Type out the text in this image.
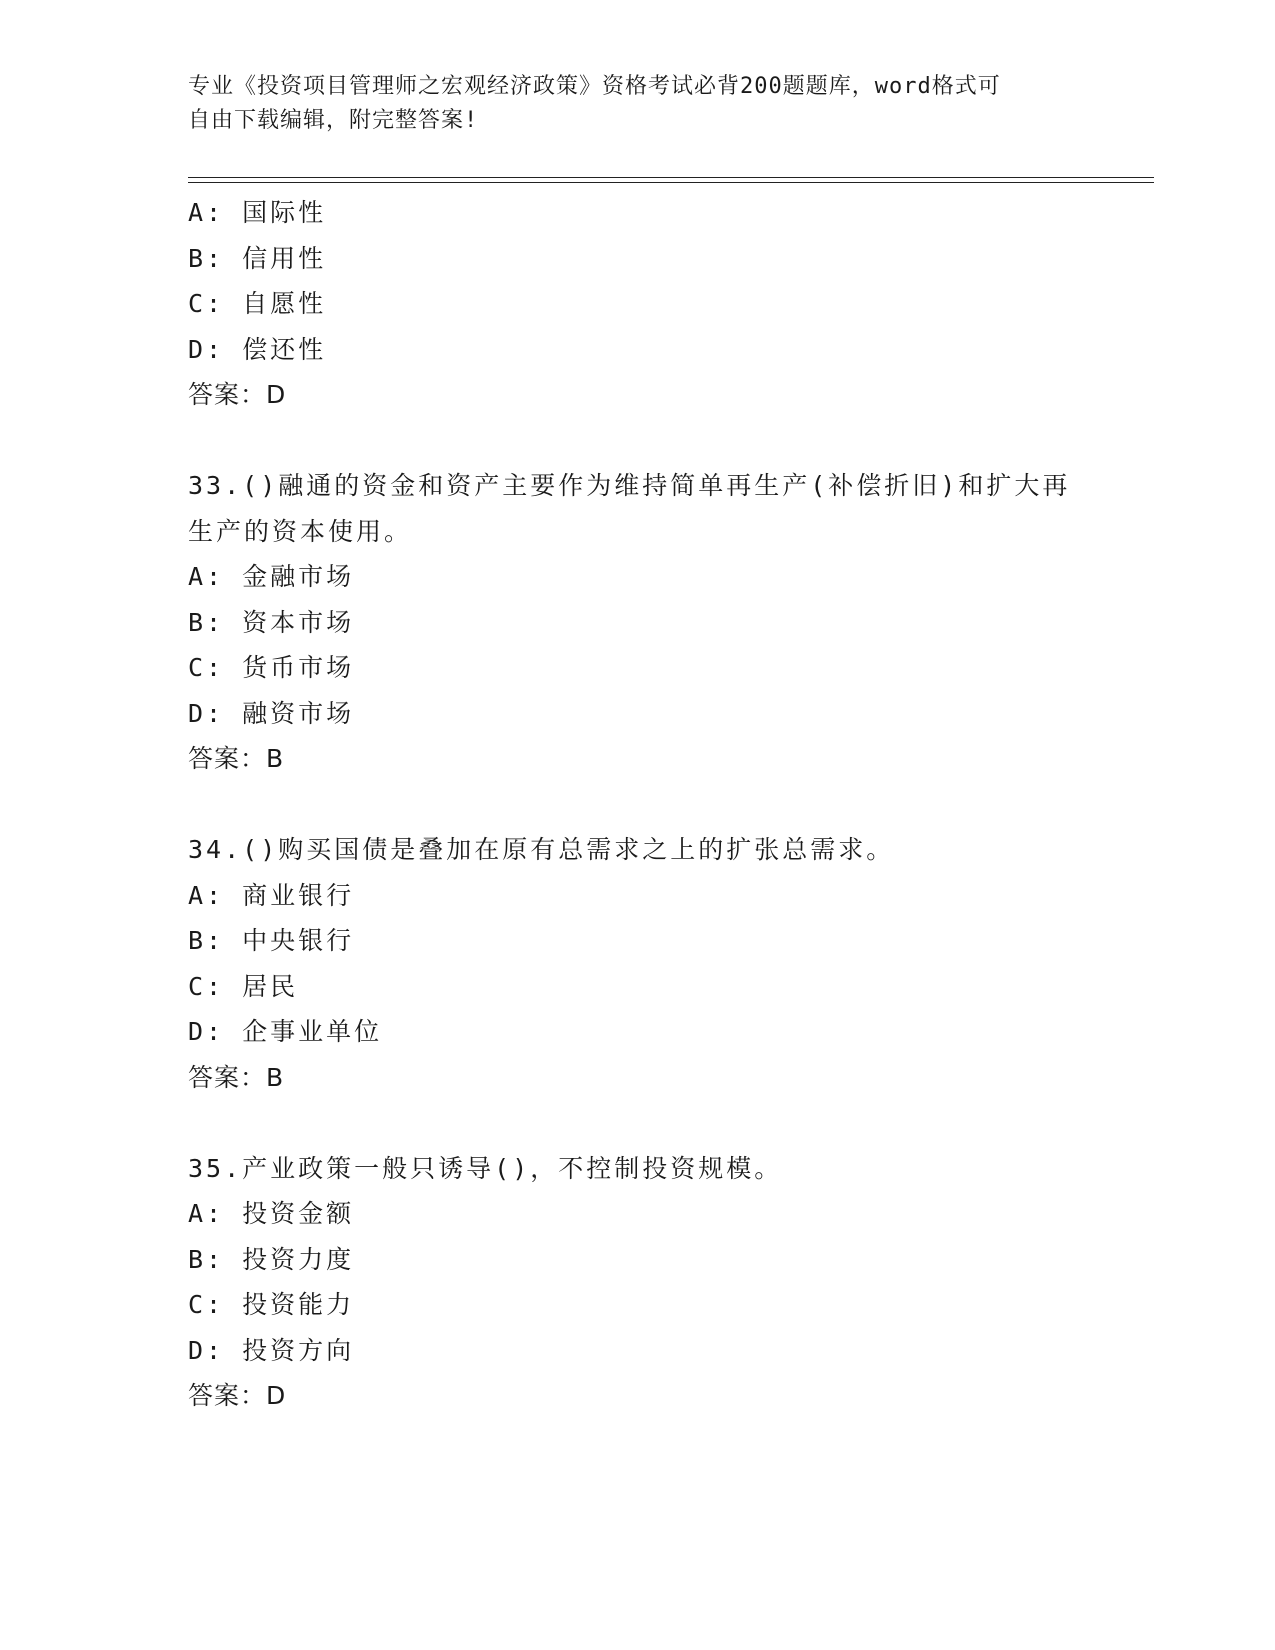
专业《投资项目管理师之宏观经济政策》资格考试必背200题题库，word格式可
自由下载编辑，附完整答案!
A: 国际性
B: 信用性
C: 自愿性
D: 偿还性
答案：D
33.()融通的资金和资产主要作为维持简单再生产(补偿折旧)和扩大再
生产的资本使用。
A: 金融市场
B: 资本市场
C: 货币市场
D: 融资市场
答案：B
34.()购买国债是叠加在原有总需求之上的扩张总需求。
A: 商业银行
B: 中央银行
C: 居民
D: 企事业单位
答案：B
35.产业政策一般只诱导()，不控制投资规模。
A: 投资金额
B: 投资力度
C: 投资能力
D: 投资方向
答案：D
